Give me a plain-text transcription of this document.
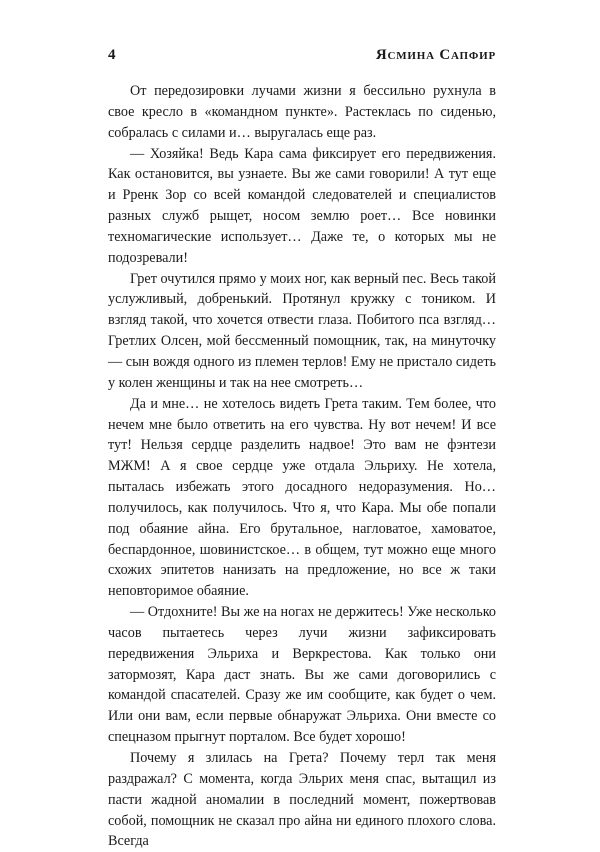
4	Ясмина Сапфир

От передозировки лучами жизни я бессильно рухнула в свое кресло в «командном пункте». Растеклась по сиденью, собралась с силами и… выругалась еще раз.

— Хозяйка! Ведь Кара сама фиксирует его передвижения. Как остановится, вы узнаете. Вы же сами говорили! А тут еще и Рренк Зор со всей командой следователей и специалистов разных служб рыщет, носом землю роет… Все новинки техномагические использует… Даже те, о которых мы не подозревали!

Грет очутился прямо у моих ног, как верный пес. Весь такой услужливый, добренький. Протянул кружку с тоником. И взгляд такой, что хочется отвести глаза. Побитого пса взгляд… Гретлих Олсен, мой бессменный помощник, так, на минуточку — сын вождя одного из племен терлов! Ему не пристало сидеть у колен женщины и так на нее смотреть…

Да и мне… не хотелось видеть Грета таким. Тем более, что нечем мне было ответить на его чувства. Ну вот нечем! И все тут! Нельзя сердце разделить надвое! Это вам не фэнтези МЖМ! А я свое сердце уже отдала Эльриху. Не хотела, пыталась избежать этого досадного недоразумения. Но… получилось, как получилось. Что я, что Кара. Мы обе попали под обаяние айна. Его брутальное, нагловатое, хамоватое, беспардонное, шовинистское… в общем, тут можно еще много схожих эпитетов нанизать на предложение, но все ж таки неповторимое обаяние.

— Отдохните! Вы же на ногах не держитесь! Уже несколько часов пытаетесь через лучи жизни зафиксировать передвижения Эльриха и Веркрестова. Как только они затормозят, Кара даст знать. Вы же сами договорились с командой спасателей. Сразу же им сообщите, как будет о чем. Или они вам, если первые обнаружат Эльриха. Они вместе со спецназом прыгнут порталом. Все будет хорошо!

Почему я злилась на Грета? Почему терл так меня раздражал? С момента, когда Эльрих меня спас, вытащил из пасти жадной аномалии в последний момент, пожертвовав собой, помощник не сказал про айна ни единого плохого слова. Всегда
